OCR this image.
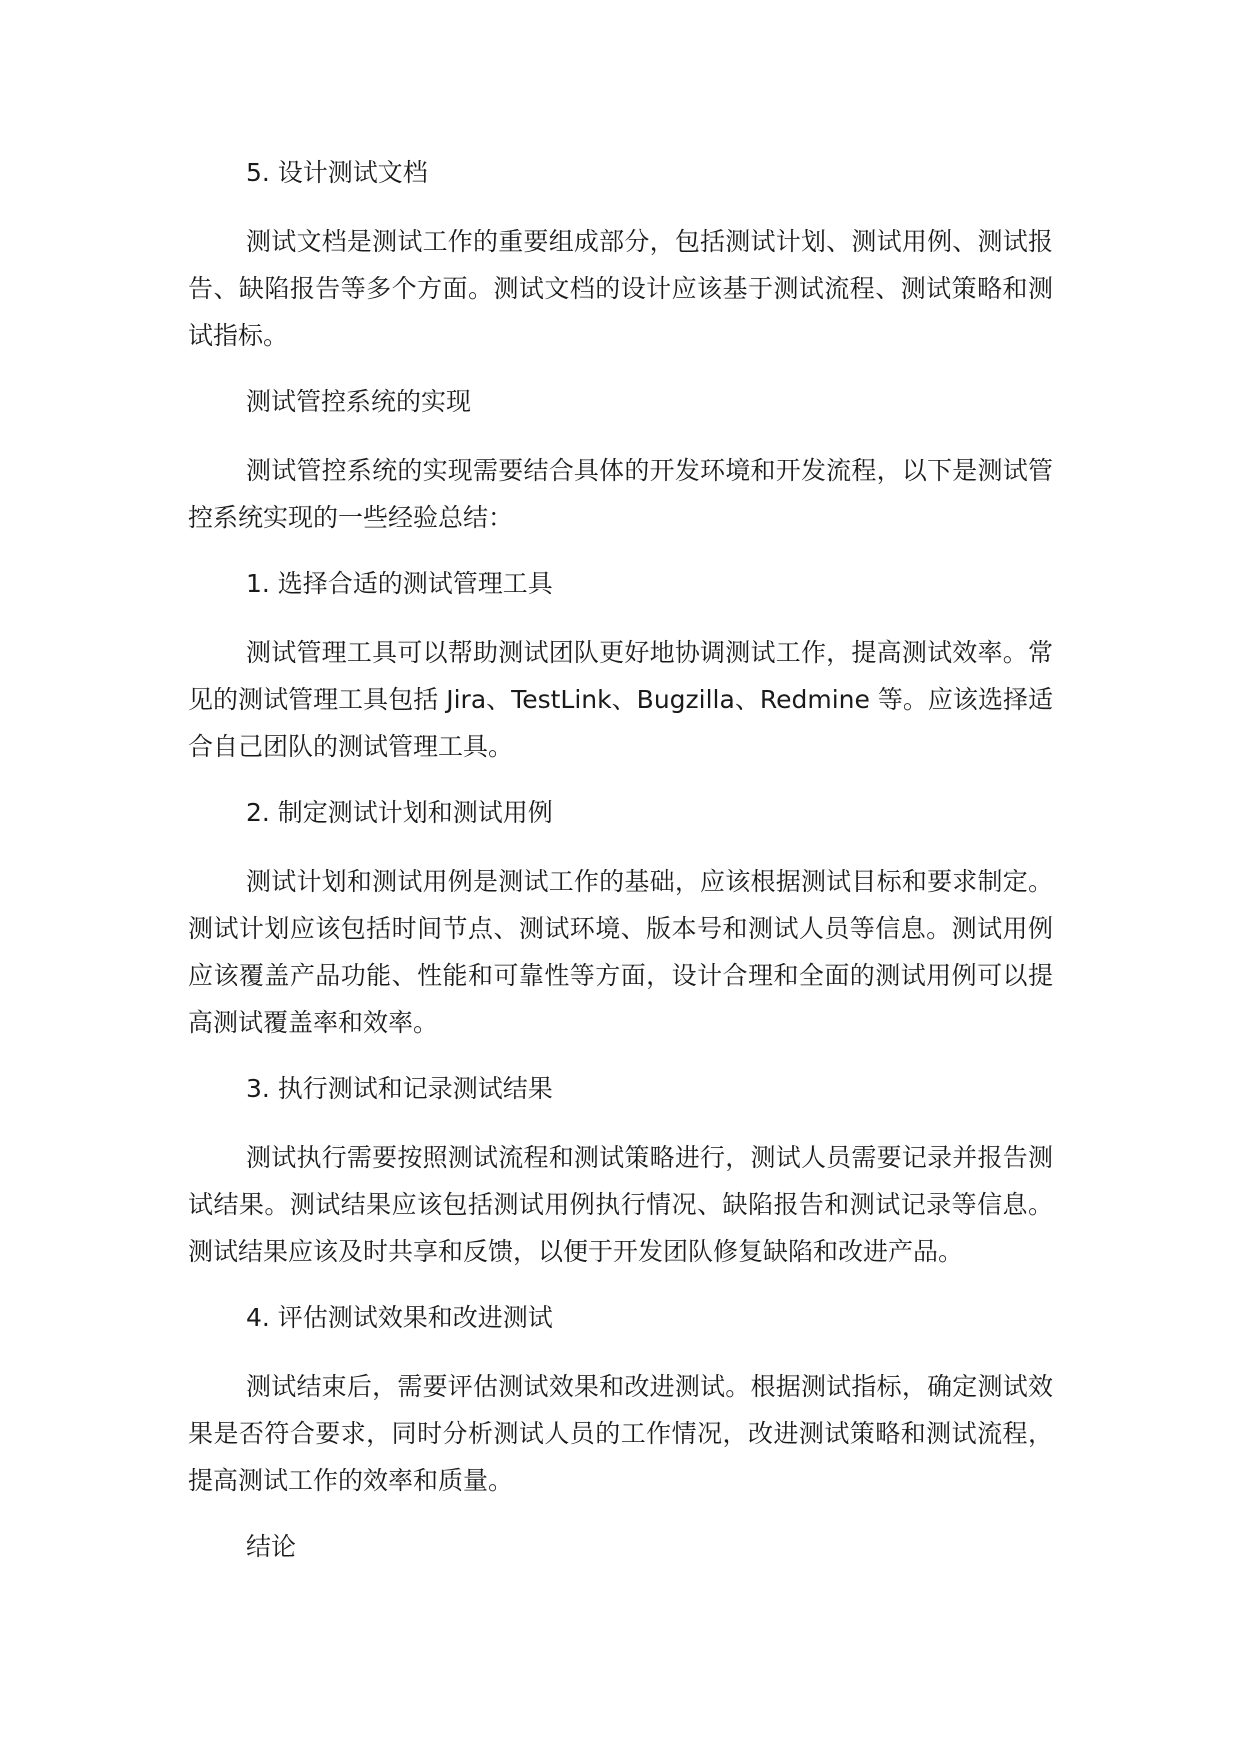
5. 设计测试文档

测试文档是测试工作的重要组成部分，包括测试计划、测试用例、测试报告、缺陷报告等多个方面。测试文档的设计应该基于测试流程、测试策略和测试指标。

测试管控系统的实现

测试管控系统的实现需要结合具体的开发环境和开发流程，以下是测试管控系统实现的一些经验总结：

1. 选择合适的测试管理工具

测试管理工具可以帮助测试团队更好地协调测试工作，提高测试效率。常见的测试管理工具包括 Jira、TestLink、Bugzilla、Redmine 等。应该选择适合自己团队的测试管理工具。

2. 制定测试计划和测试用例

测试计划和测试用例是测试工作的基础，应该根据测试目标和要求制定。测试计划应该包括时间节点、测试环境、版本号和测试人员等信息。测试用例应该覆盖产品功能、性能和可靠性等方面，设计合理和全面的测试用例可以提高测试覆盖率和效率。

3. 执行测试和记录测试结果

测试执行需要按照测试流程和测试策略进行，测试人员需要记录并报告测试结果。测试结果应该包括测试用例执行情况、缺陷报告和测试记录等信息。测试结果应该及时共享和反馈，以便于开发团队修复缺陷和改进产品。

4. 评估测试效果和改进测试

测试结束后，需要评估测试效果和改进测试。根据测试指标，确定测试效果是否符合要求，同时分析测试人员的工作情况，改进测试策略和测试流程，提高测试工作的效率和质量。

结论
